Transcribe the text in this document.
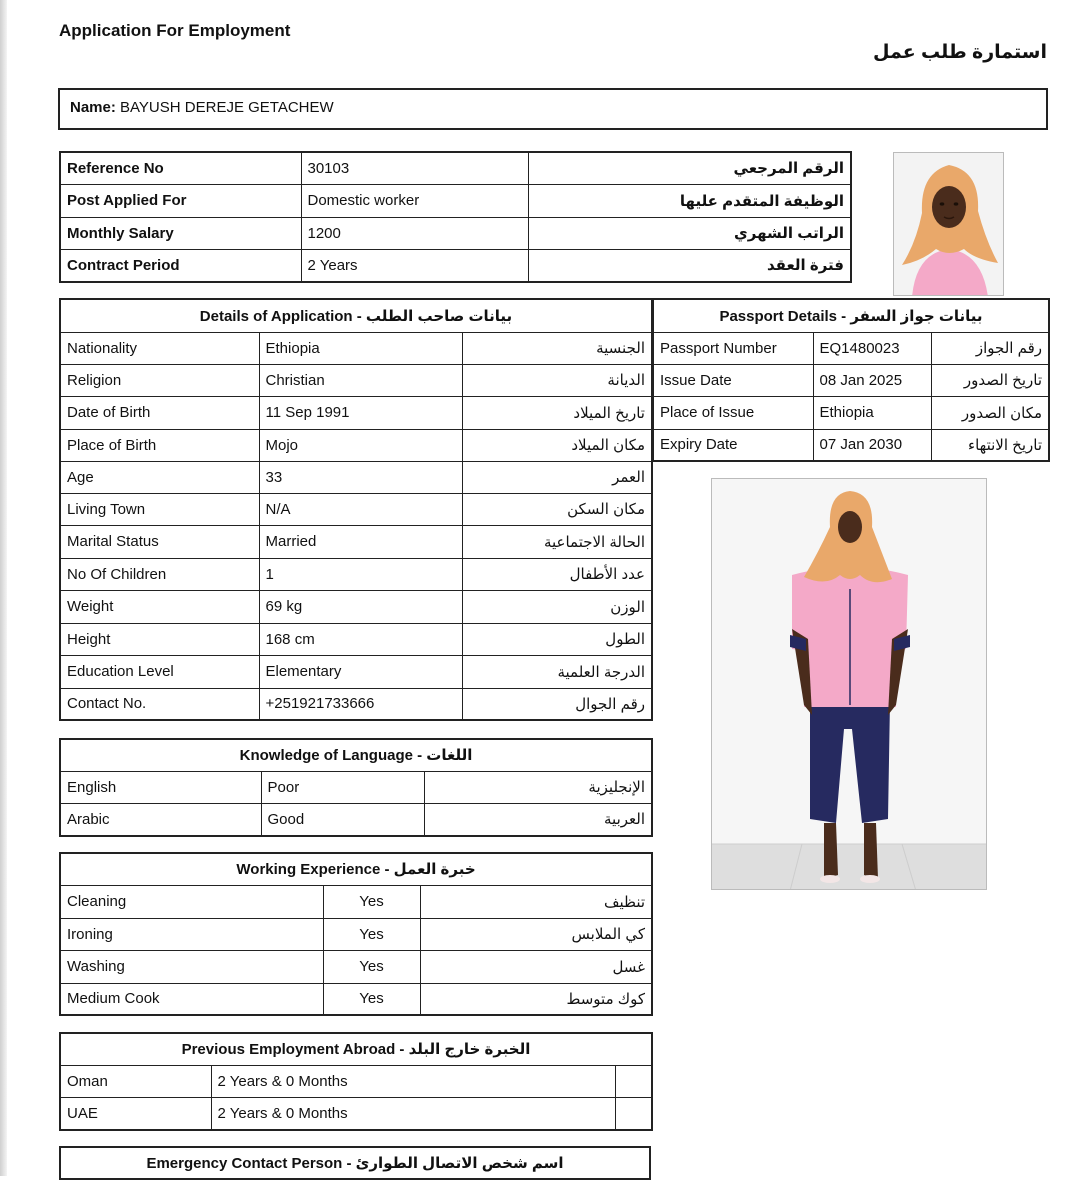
Application For Employment
استمارة طلب عمل
Name: BAYUSH DEREJE GETACHEW
Reference No	30103	الرقم المرجعي
Post Applied For	Domestic worker	الوظيفة المتقدم عليها
Monthly Salary	1200	الراتب الشهري
Contract Period	2 Years	فترة العقد
Details of Application - بيانات صاحب الطلب		
Nationality	Ethiopia	الجنسية
Religion	Christian	الديانة
Date of Birth	11 Sep 1991	تاريخ الميلاد
Place of Birth	Mojo	مكان الميلاد
Age	33	العمر
Living Town	N/A	مكان السكن
Marital Status	Married	الحالة الاجتماعية
No Of Children	1	عدد الأطفال
Weight	69 kg	الوزن
Height	168 cm	الطول
Education Level	Elementary	الدرجة العلمية
Contact No.	+251921733666	رقم الجوال
Passport Details - بيانات جواز السفر		
Passport Number	EQ1480023	رقم الجواز
Issue Date	08 Jan 2025	تاريخ الصدور
Place of Issue	Ethiopia	مكان الصدور
Expiry Date	07 Jan 2030	تاريخ الانتهاء
Knowledge of Language - اللغات		
English	Poor	الإنجليزية
Arabic	Good	العربية
Working Experience - خبرة العمل		
Cleaning	Yes	تنظيف
Ironing	Yes	كي الملابس
Washing	Yes	غسل
Medium Cook	Yes	كوك متوسط
Previous Employment Abroad - الخبرة خارج البلد		
Oman	2 Years & 0 Months	
UAE	2 Years & 0 Months	
Emergency Contact Person - اسم شخص الاتصال الطوارئ
